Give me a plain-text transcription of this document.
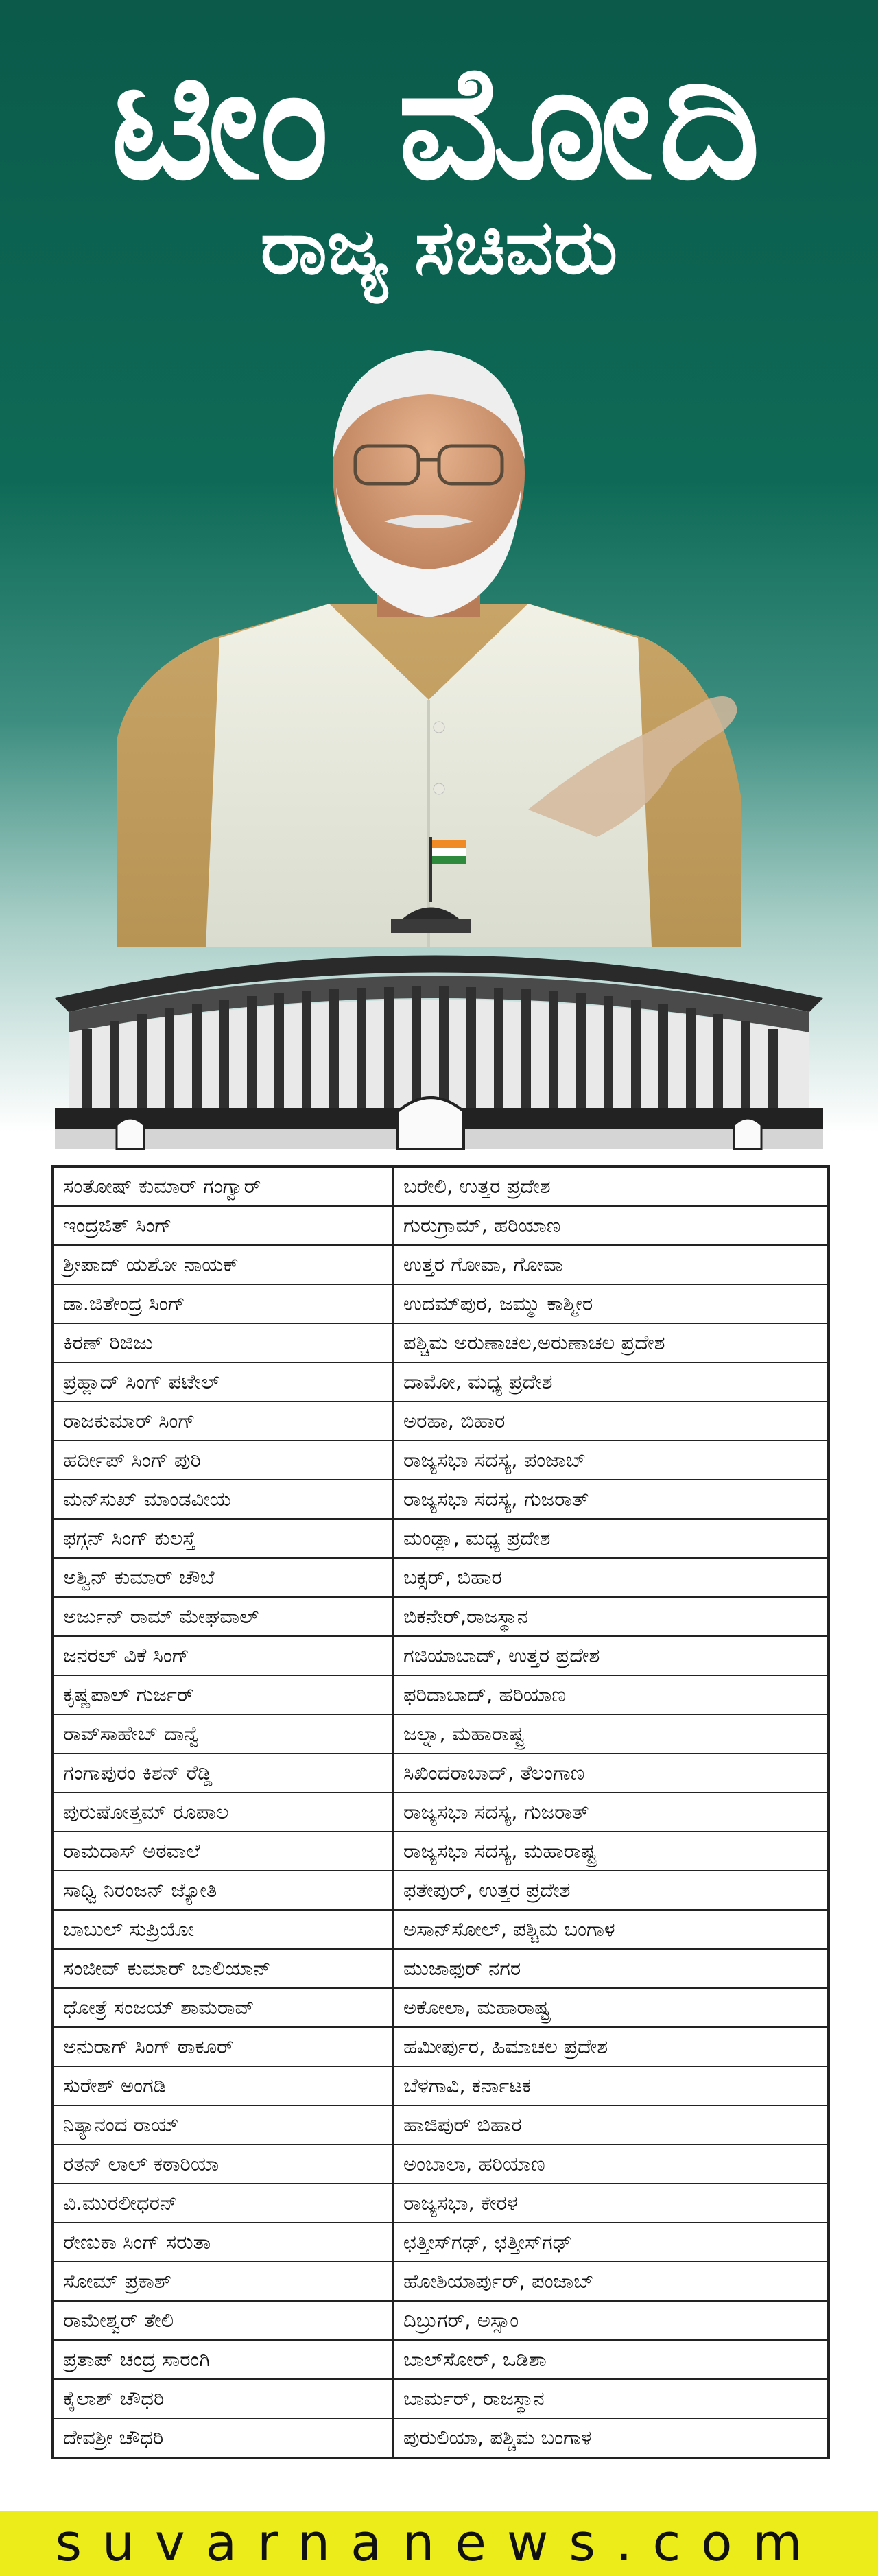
ಟೀಂ ಮೋದಿ
ರಾಜ್ಯ ಸಚಿವರು
ಸಂತೋಷ್ ಕುಮಾರ್ ಗಂಗ್ವಾರ್	ಬರೇಲಿ, ಉತ್ತರ ಪ್ರದೇಶ
ಇಂದ್ರಜಿತ್ ಸಿಂಗ್	ಗುರುಗ್ರಾಮ್, ಹರಿಯಾಣ
ಶ್ರೀಪಾದ್ ಯಶೋ ನಾಯಕ್	ಉತ್ತರ ಗೋವಾ, ಗೋವಾ
ಡಾ.ಜಿತೇಂದ್ರ ಸಿಂಗ್	ಉದಮ್‌ಪುರ, ಜಮ್ಮು ಕಾಶ್ಮೀರ
ಕಿರಣ್ ರಿಜಿಜು	ಪಶ್ಚಿಮ ಅರುಣಾಚಲ,ಅರುಣಾಚಲ ಪ್ರದೇಶ
ಪ್ರಹ್ಲಾದ್ ಸಿಂಗ್ ಪಟೇಲ್	ದಾಮೋ, ಮಧ್ಯ ಪ್ರದೇಶ
ರಾಜಕುಮಾರ್ ಸಿಂಗ್	ಅರಹಾ, ಬಿಹಾರ
ಹರ್ದೀಪ್ ಸಿಂಗ್ ಪುರಿ	ರಾಜ್ಯಸಭಾ ಸದಸ್ಯ, ಪಂಜಾಬ್
ಮನ್‌ಸುಖ್ ಮಾಂಡವೀಯ	ರಾಜ್ಯಸಭಾ ಸದಸ್ಯ, ಗುಜರಾತ್
ಫಗ್ಗನ್ ಸಿಂಗ್ ಕುಲಸ್ತೆ	ಮಂಡ್ಲಾ, ಮಧ್ಯ ಪ್ರದೇಶ
ಅಶ್ವಿನ್ ಕುಮಾರ್ ಚೌಬೆ	ಬಕ್ಸರ್, ಬಿಹಾರ
ಅರ್ಜುನ್ ರಾಮ್ ಮೇಘವಾಲ್	ಬಿಕನೇರ್,ರಾಜಸ್ಥಾನ
ಜನರಲ್ ವಿಕೆ ಸಿಂಗ್	ಗಜಿಯಾಬಾದ್, ಉತ್ತರ ಪ್ರದೇಶ
ಕೃಷ್ಣಪಾಲ್ ಗುರ್ಜರ್	ಫರಿದಾಬಾದ್, ಹರಿಯಾಣ
ರಾವ್‌ಸಾಹೇಬ್ ದಾನ್ವೆ	ಜಲ್ನಾ, ಮಹಾರಾಷ್ಟ್ರ
ಗಂಗಾಪುರಂ ಕಿಶನ್ ರೆಡ್ಡಿ	ಸಿಖಿಂದರಾಬಾದ್, ತೆಲಂಗಾಣ
ಪುರುಷೋತ್ತಮ್ ರೂಪಾಲ	ರಾಜ್ಯಸಭಾ ಸದಸ್ಯ, ಗುಜರಾತ್
ರಾಮದಾಸ್ ಅಠವಾಲೆ	ರಾಜ್ಯಸಭಾ ಸದಸ್ಯ, ಮಹಾರಾಷ್ಟ್ರ
ಸಾಧ್ವಿ ನಿರಂಜನ್ ಜ್ಯೋತಿ	ಫತೇಪುರ್, ಉತ್ತರ ಪ್ರದೇಶ
ಬಾಬುಲ್ ಸುಪ್ರಿಯೋ	ಅಸಾನ್‌ಸೋಲ್, ಪಶ್ಚಿಮ ಬಂಗಾಳ
ಸಂಜೀವ್ ಕುಮಾರ್ ಬಾಲಿಯಾನ್	ಮುಜಾಫುರ್ ನಗರ
ಧೋತ್ರೆ ಸಂಜಯ್ ಶಾಮರಾವ್	ಅಕೋಲಾ, ಮಹಾರಾಷ್ಟ್ರ
ಅನುರಾಗ್ ಸಿಂಗ್ ಠಾಕೂರ್	ಹಮೀರ್ಪುರ, ಹಿಮಾಚಲ ಪ್ರದೇಶ
ಸುರೇಶ್ ಅಂಗಡಿ	ಬೆಳಗಾವಿ, ಕರ್ನಾಟಕ
ನಿತ್ಯಾನಂದ ರಾಯ್	ಹಾಜಿಪುರ್ ಬಿಹಾರ
ರತನ್ ಲಾಲ್ ಕಠಾರಿಯಾ	ಅಂಬಾಲಾ, ಹರಿಯಾಣ
ವಿ.ಮುರಲೀಧರನ್	ರಾಜ್ಯಸಭಾ, ಕೇರಳ
ರೇಣುಕಾ ಸಿಂಗ್ ಸರುತಾ	ಛತ್ತೀಸ್‌ಗಢ್, ಛತ್ತೀಸ್‌ಗಢ್
ಸೋಮ್ ಪ್ರಕಾಶ್	ಹೋಶಿಯಾರ್ಪುರ್, ಪಂಜಾಬ್
ರಾಮೇಶ್ವರ್ ತೇಲಿ	ದಿಬ್ರುಗರ್, ಅಸ್ಸಾಂ
ಪ್ರತಾಪ್ ಚಂದ್ರ ಸಾರಂಗಿ	ಬಾಲ್‌ಸೋರ್, ಒಡಿಶಾ
ಕೈಲಾಶ್ ಚೌಧರಿ	ಬಾರ್ಮರ್, ರಾಜಸ್ಥಾನ
ದೇವಶ್ರೀ ಚೌಧರಿ	ಪುರುಲಿಯಾ, ಪಶ್ಚಿಮ ಬಂಗಾಳ
suvarnanews.com
